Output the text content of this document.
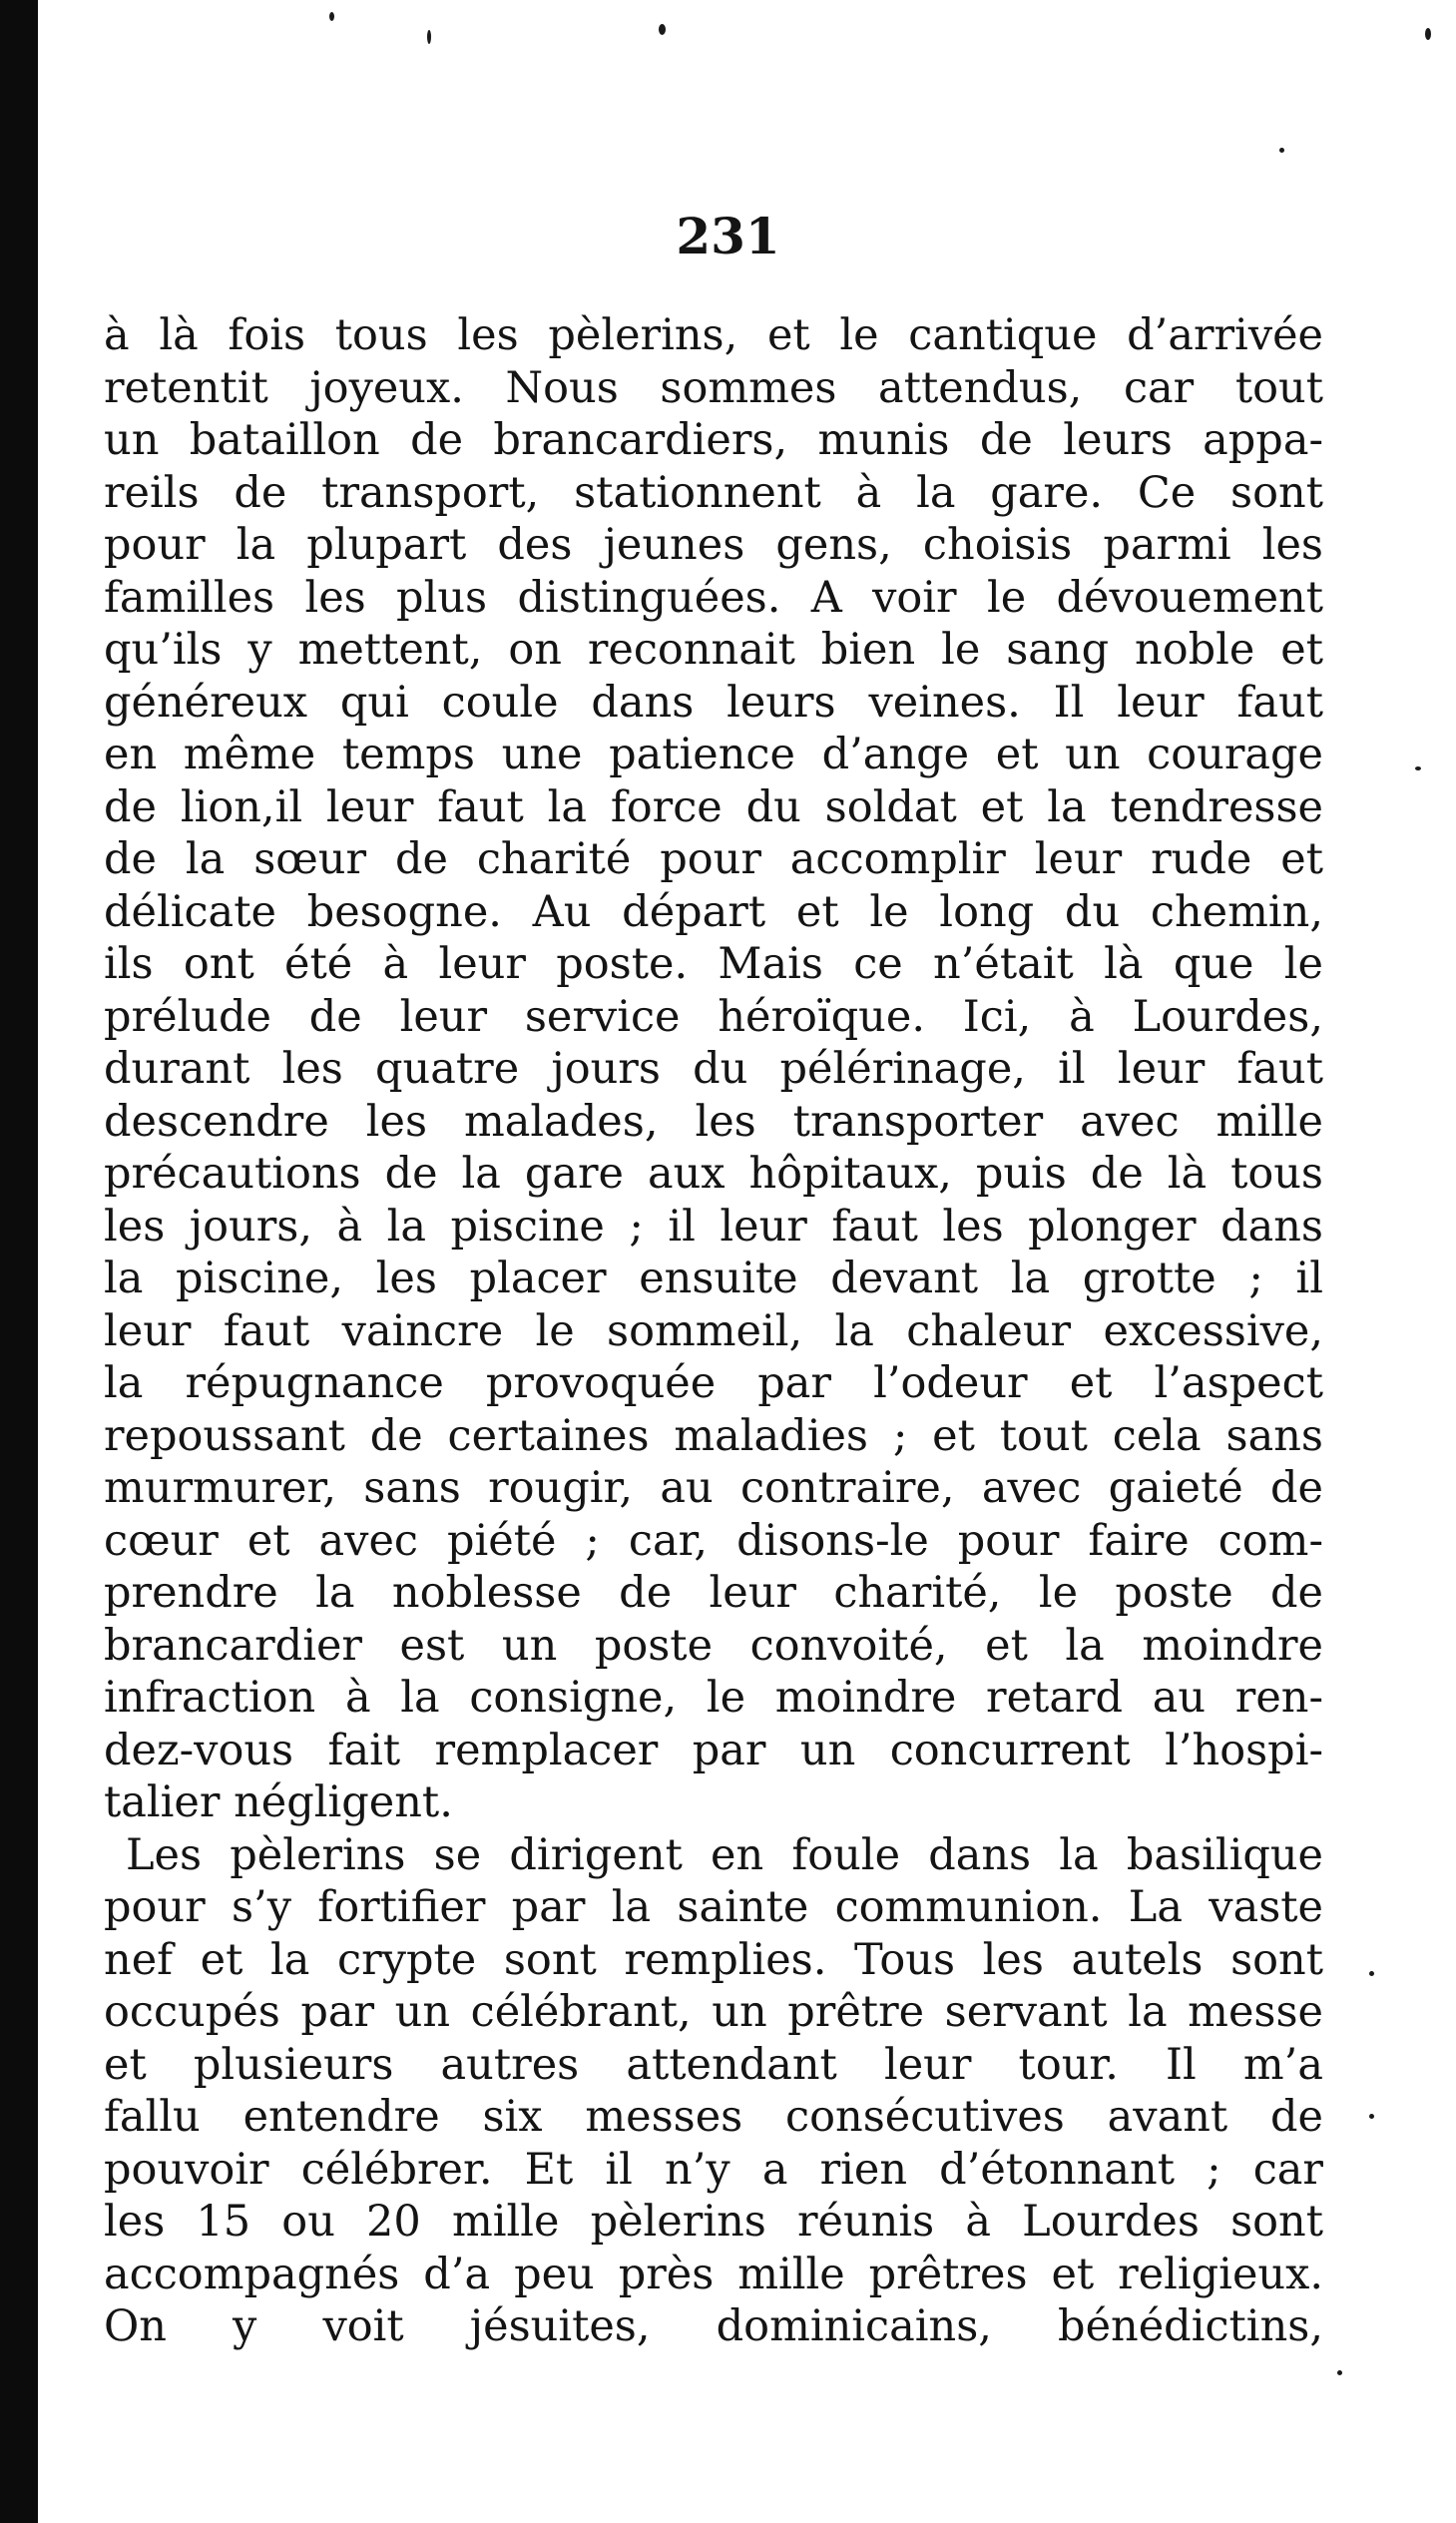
231
à là fois tous les pèlerins, et le cantique d’arrivée
retentit joyeux. Nous sommes attendus, car tout
un bataillon de brancardiers, munis de leurs appa-
reils de transport, stationnent à la gare. Ce sont
pour la plupart des jeunes gens, choisis parmi les
familles les plus distinguées. A voir le dévouement
qu’ils y mettent, on reconnait bien le sang noble et
généreux qui coule dans leurs veines. Il leur faut
en même temps une patience d’ange et un courage
de lion,il leur faut la force du soldat et la tendresse
de la sœur de charité pour accomplir leur rude et
délicate besogne. Au départ et le long du chemin,
ils ont été à leur poste. Mais ce n’était là que le
prélude de leur service héroïque. Ici, à Lourdes,
durant les quatre jours du pélérinage, il leur faut
descendre les malades, les transporter avec mille
précautions de la gare aux hôpitaux, puis de là tous
les jours, à la piscine ; il leur faut les plonger dans
la piscine, les placer ensuite devant la grotte ; il
leur faut vaincre le sommeil, la chaleur excessive,
la répugnance provoquée par l’odeur et l’aspect
repoussant de certaines maladies ; et tout cela sans
murmurer, sans rougir, au contraire, avec gaieté de
cœur et avec piété ; car, disons-le pour faire com-
prendre la noblesse de leur charité, le poste de
brancardier est un poste convoité, et la moindre
infraction à la consigne, le moindre retard au ren-
dez-vous fait remplacer par un concurrent l’hospi-
talier négligent.
Les pèlerins se dirigent en foule dans la basilique
pour s’y fortifier par la sainte communion. La vaste
nef et la crypte sont remplies. Tous les autels sont
occupés par un célébrant, un prêtre servant la messe
et plusieurs autres attendant leur tour. Il m’a
fallu entendre six messes consécutives avant de
pouvoir célébrer. Et il n’y a rien d’étonnant ; car
les 15 ou 20 mille pèlerins réunis à Lourdes sont
accompagnés d’a peu près mille prêtres et religieux.
On y voit jésuites, dominicains, bénédictins,
